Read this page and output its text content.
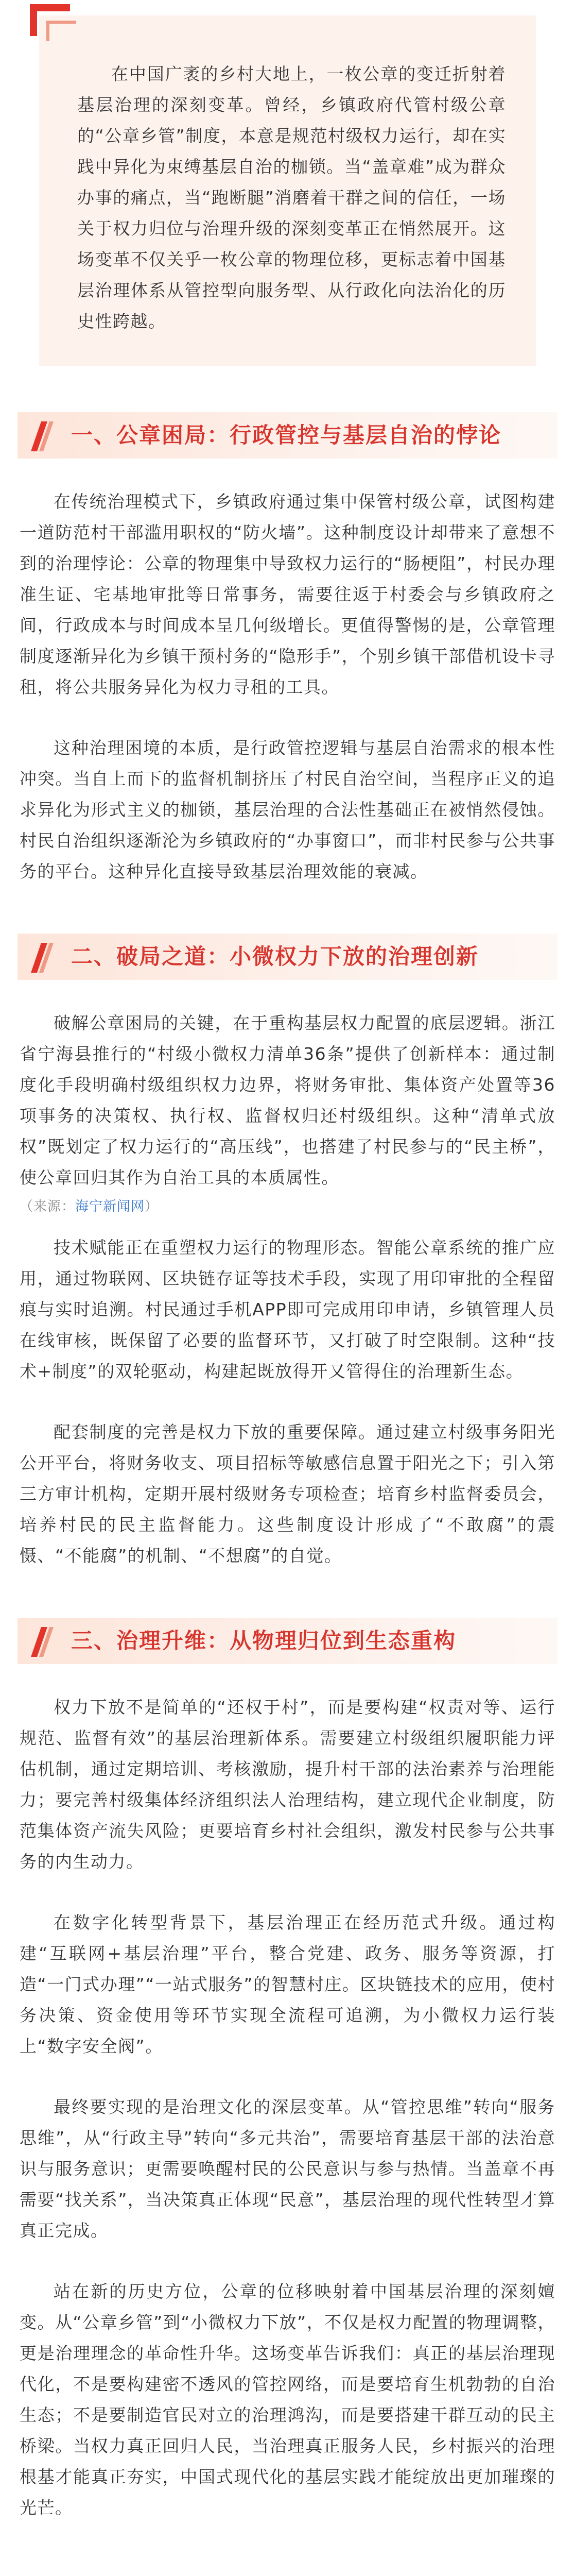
在中国广袤的乡村大地上，一枚公章的变迁折射着基层治理的深刻变革。曾经，乡镇政府代管村级公章的“公章乡管”制度，本意是规范村级权力运行，却在实践中异化为束缚基层自治的枷锁。当“盖章难”成为群众办事的痛点，当“跑断腿”消磨着干群之间的信任，一场关于权力归位与治理升级的深刻变革正在悄然展开。这场变革不仅关乎一枚公章的物理位移，更标志着中国基层治理体系从管控型向服务型、从行政化向法治化的历史性跨越。

一、公章困局：行政管控与基层自治的悖论

在传统治理模式下，乡镇政府通过集中保管村级公章，试图构建一道防范村干部滥用职权的“防火墙”。这种制度设计却带来了意想不到的治理悖论：公章的物理集中导致权力运行的“肠梗阻”，村民办理准生证、宅基地审批等日常事务，需要往返于村委会与乡镇政府之间，行政成本与时间成本呈几何级增长。更值得警惕的是，公章管理制度逐渐异化为乡镇干预村务的“隐形手”，个别乡镇干部借机设卡寻租，将公共服务异化为权力寻租的工具。

这种治理困境的本质，是行政管控逻辑与基层自治需求的根本性冲突。当自上而下的监督机制挤压了村民自治空间，当程序正义的追求异化为形式主义的枷锁，基层治理的合法性基础正在被悄然侵蚀。村民自治组织逐渐沦为乡镇政府的“办事窗口”，而非村民参与公共事务的平台。这种异化直接导致基层治理效能的衰减。

二、破局之道：小微权力下放的治理创新

破解公章困局的关键，在于重构基层权力配置的底层逻辑。浙江省宁海县推行的“村级小微权力清单36条”提供了创新样本：通过制度化手段明确村级组织权力边界，将财务审批、集体资产处置等36项事务的决策权、执行权、监督权归还村级组织。这种“清单式放权”既划定了权力运行的“高压线”，也搭建了村民参与的“民主桥”，使公章回归其作为自治工具的本质属性。

（来源：海宁新闻网）

技术赋能正在重塑权力运行的物理形态。智能公章系统的推广应用，通过物联网、区块链存证等技术手段，实现了用印审批的全程留痕与实时追溯。村民通过手机APP即可完成用印申请，乡镇管理人员在线审核，既保留了必要的监督环节，又打破了时空限制。这种“技术+制度”的双轮驱动，构建起既放得开又管得住的治理新生态。

配套制度的完善是权力下放的重要保障。通过建立村级事务阳光公开平台，将财务收支、项目招标等敏感信息置于阳光之下；引入第三方审计机构，定期开展村级财务专项检查；培育乡村监督委员会，培养村民的民主监督能力。这些制度设计形成了“不敢腐”的震慑、“不能腐”的机制、“不想腐”的自觉。

三、治理升维：从物理归位到生态重构

权力下放不是简单的“还权于村”，而是要构建“权责对等、运行规范、监督有效”的基层治理新体系。需要建立村级组织履职能力评估机制，通过定期培训、考核激励，提升村干部的法治素养与治理能力；要完善村级集体经济组织法人治理结构，建立现代企业制度，防范集体资产流失风险；更要培育乡村社会组织，激发村民参与公共事务的内生动力。

在数字化转型背景下，基层治理正在经历范式升级。通过构建“互联网+基层治理”平台，整合党建、政务、服务等资源，打造“一门式办理”“一站式服务”的智慧村庄。区块链技术的应用，使村务决策、资金使用等环节实现全流程可追溯，为小微权力运行装上“数字安全阀”。

最终要实现的是治理文化的深层变革。从“管控思维”转向“服务思维”，从“行政主导”转向“多元共治”，需要培育基层干部的法治意识与服务意识；更需要唤醒村民的公民意识与参与热情。当盖章不再需要“找关系”，当决策真正体现“民意”，基层治理的现代性转型才算真正完成。

站在新的历史方位，公章的位移映射着中国基层治理的深刻嬗变。从“公章乡管”到“小微权力下放”，不仅是权力配置的物理调整，更是治理理念的革命性升华。这场变革告诉我们：真正的基层治理现代化，不是要构建密不透风的管控网络，而是要培育生机勃勃的自治生态；不是要制造官民对立的治理鸿沟，而是要搭建干群互动的民主桥梁。当权力真正回归人民，当治理真正服务人民，乡村振兴的治理根基才能真正夯实，中国式现代化的基层实践才能绽放出更加璀璨的光芒。
